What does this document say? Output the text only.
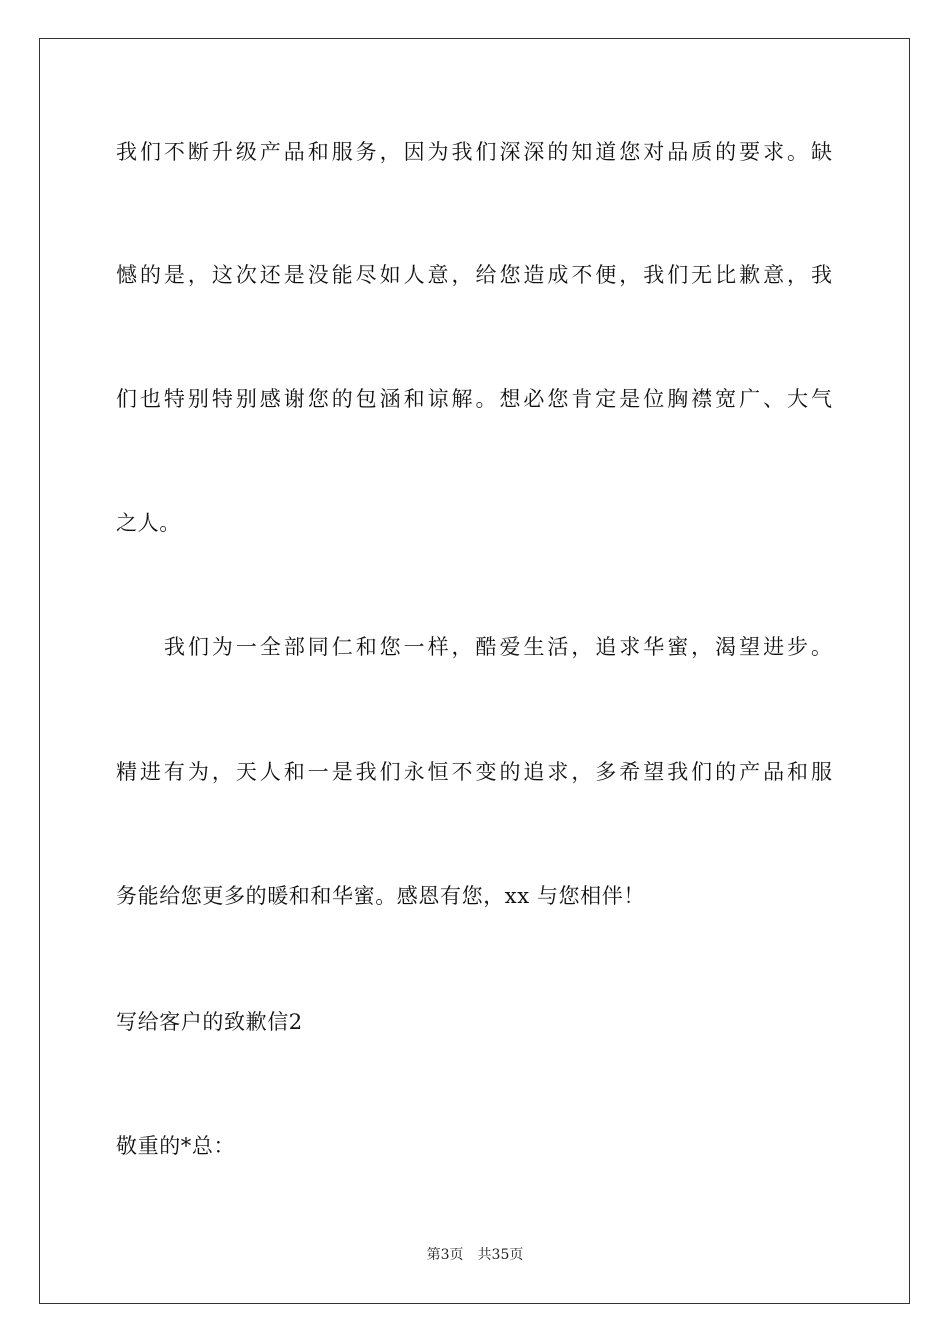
我们不断升级产品和服务，因为我们深深的知道您对品质的要求。缺
憾的是，这次还是没能尽如人意，给您造成不便，我们无比歉意，我
们也特别特别感谢您的包涵和谅解。想必您肯定是位胸襟宽广、大气
之人。
我们为一全部同仁和您一样，酷爱生活，追求华蜜，渴望进步。
精进有为，天人和一是我们永恒不变的追求，多希望我们的产品和服
务能给您更多的暖和和华蜜。感恩有您，xx 与您相伴！
写给客户的致歉信2
敬重的*总：
第3页 共35页
